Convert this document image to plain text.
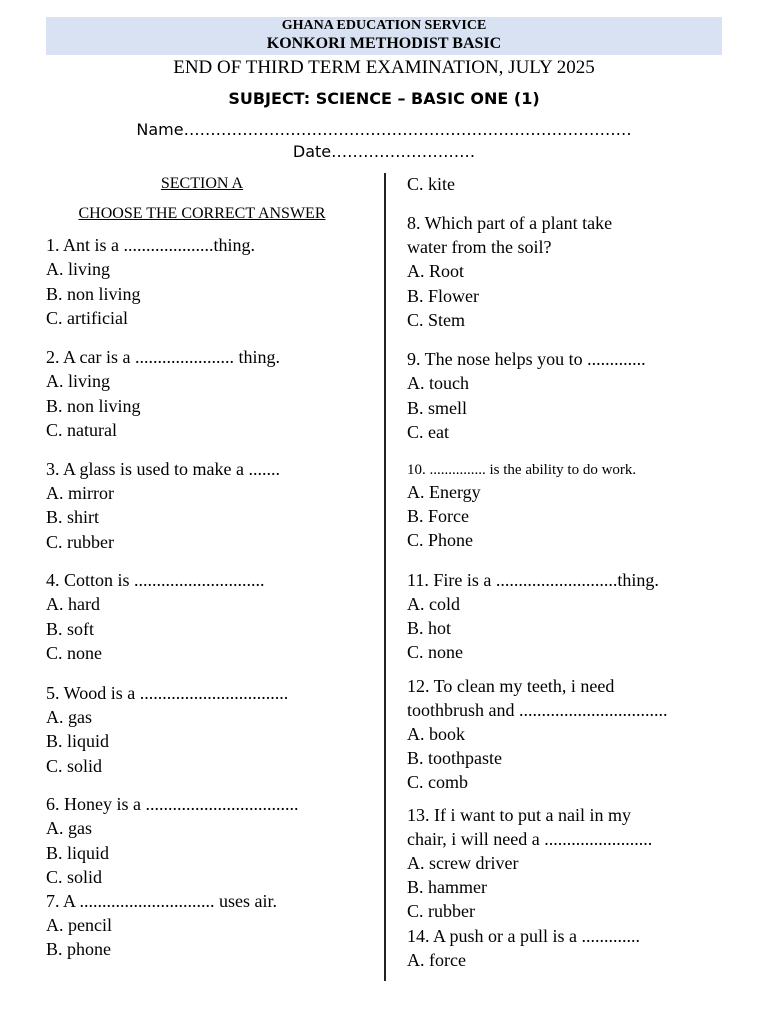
GHANA EDUCATION SERVICE
KONKORI METHODIST BASIC
END OF THIRD TERM EXAMINATION, JULY 2025
SUBJECT: SCIENCE – BASIC ONE (1)
Name…………………………………………………………………………
Date………………………
SECTION A
CHOOSE THE CORRECT ANSWER
1. Ant is a ....................thing.
A. living
B. non living
C. artificial
2. A car is a ...................... thing.
A. living
B. non living
C. natural
3. A glass is used to make a .......
A. mirror
B. shirt
C. rubber
4. Cotton is .............................
A. hard
B. soft
C. none
5. Wood is a .................................
A. gas
B. liquid
C. solid
6. Honey is a ..................................
A. gas
B. liquid
C. solid
7. A .............................. uses air.
A. pencil
B. phone
C. kite
8. Which part of a plant take
water from the soil?
A. Root
B. Flower
C. Stem
9. The nose helps you to .............
A. touch
B. smell
C. eat
10. ............... is the ability to do work.
A. Energy
B. Force
C. Phone
11. Fire is a ...........................thing.
A. cold
B. hot
C. none
12. To clean my teeth, i need
toothbrush and .................................
A. book
B. toothpaste
C. comb
13. If i want to put a nail in my
chair, i will need a ........................
A. screw driver
B. hammer
C. rubber
14. A push or a pull is a .............
A. force
